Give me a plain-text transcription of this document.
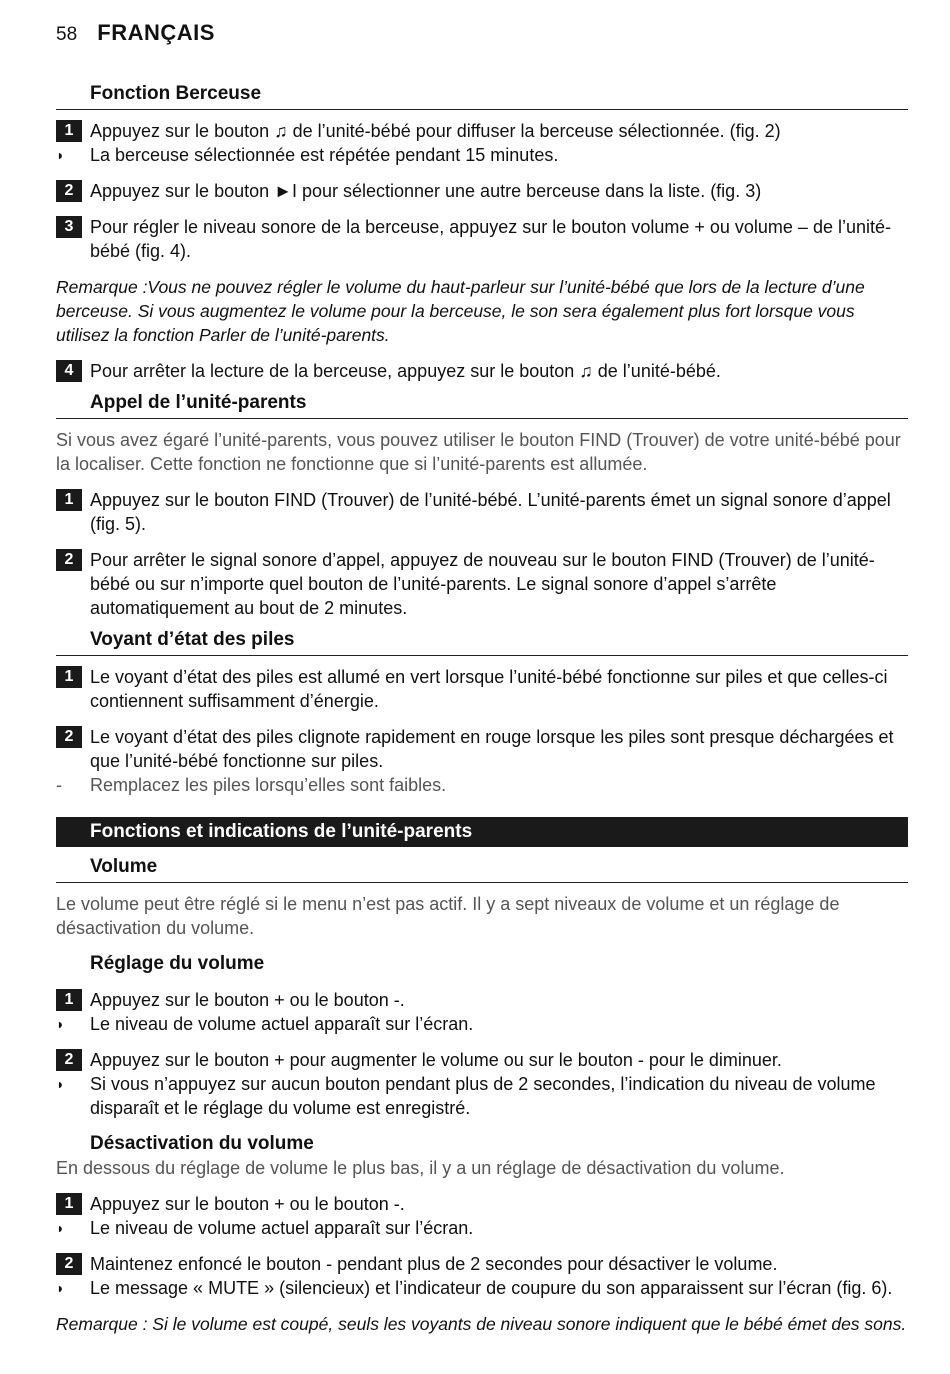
58 FRANÇAIS
Fonction Berceuse
1 Appuyez sur le bouton ♫ de l’unité-bébé pour diffuser la berceuse sélectionnée. (fig. 2)
◗	La berceuse sélectionnée est répétée pendant 15 minutes.
2 Appuyez sur le bouton ►I pour sélectionner une autre berceuse dans la liste. (fig. 3)
3 Pour régler le niveau sonore de la berceuse, appuyez sur le bouton volume + ou volume – de l’unité-bébé (fig. 4).
Remarque :Vous ne pouvez régler le volume du haut-parleur sur l’unité-bébé que lors de la lecture d’une berceuse. Si vous augmentez le volume pour la berceuse, le son sera également plus fort lorsque vous utilisez la fonction Parler de l’unité-parents.
4 Pour arrêter la lecture de la berceuse, appuyez sur le bouton ♫ de l’unité-bébé.
Appel de l’unité-parents
Si vous avez égaré l’unité-parents, vous pouvez utiliser le bouton FIND (Trouver) de votre unité-bébé pour la localiser. Cette fonction ne fonctionne que si l’unité-parents est allumée.
1 Appuyez sur le bouton FIND (Trouver) de l’unité-bébé. L’unité-parents émet un signal sonore d’appel (fig. 5).
2 Pour arrêter le signal sonore d’appel, appuyez de nouveau sur le bouton FIND (Trouver) de l’unité-bébé ou sur n’importe quel bouton de l’unité-parents. Le signal sonore d’appel s’arrête automatiquement au bout de 2 minutes.
Voyant d’état des piles
1 Le voyant d’état des piles est allumé en vert lorsque l’unité-bébé fonctionne sur piles et que celles-ci contiennent suffisamment d’énergie.
2 Le voyant d’état des piles clignote rapidement en rouge lorsque les piles sont presque déchargées et que l’unité-bébé fonctionne sur piles.
-	Remplacez les piles lorsqu’elles sont faibles.
Fonctions et indications de l’unité-parents
Volume
Le volume peut être réglé si le menu n’est pas actif. Il y a sept niveaux de volume et un réglage de désactivation du volume.
Réglage du volume
1 Appuyez sur le bouton + ou le bouton -.
◗	Le niveau de volume actuel apparaît sur l’écran.
2 Appuyez sur le bouton + pour augmenter le volume ou sur le bouton - pour le diminuer.
◗	Si vous n’appuyez sur aucun bouton pendant plus de 2 secondes, l’indication du niveau de volume disparaît et le réglage du volume est enregistré.
Désactivation du volume
En dessous du réglage de volume le plus bas, il y a un réglage de désactivation du volume.
1 Appuyez sur le bouton + ou le bouton -.
◗	Le niveau de volume actuel apparaît sur l’écran.
2 Maintenez enfoncé le bouton - pendant plus de 2 secondes pour désactiver le volume.
◗	Le message « MUTE » (silencieux) et l’indicateur de coupure du son apparaissent sur l’écran (fig. 6).
Remarque : Si le volume est coupé, seuls les voyants de niveau sonore indiquent que le bébé émet des sons.
